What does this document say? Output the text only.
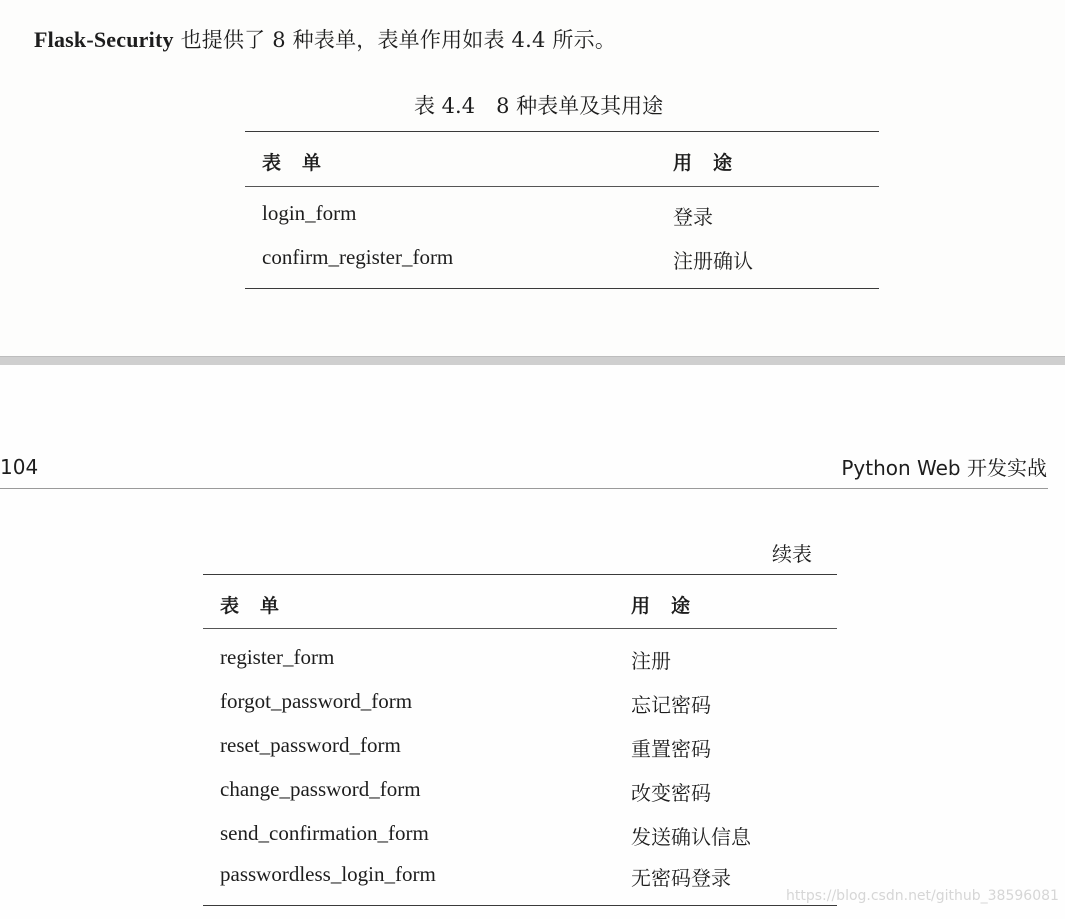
Flask-Security 也提供了 8 种表单，表单作用如表 4.4 所示。
表 4.4　8 种表单及其用途
表　单	用　途
login_form	登录
confirm_register_form	注册确认
104	Python Web 开发实战
续表
表　单	用　途
register_form	注册
forgot_password_form	忘记密码
reset_password_form	重置密码
change_password_form	改变密码
send_confirmation_form	发送确认信息
passwordless_login_form	无密码登录
https://blog.csdn.net/github_38596081
